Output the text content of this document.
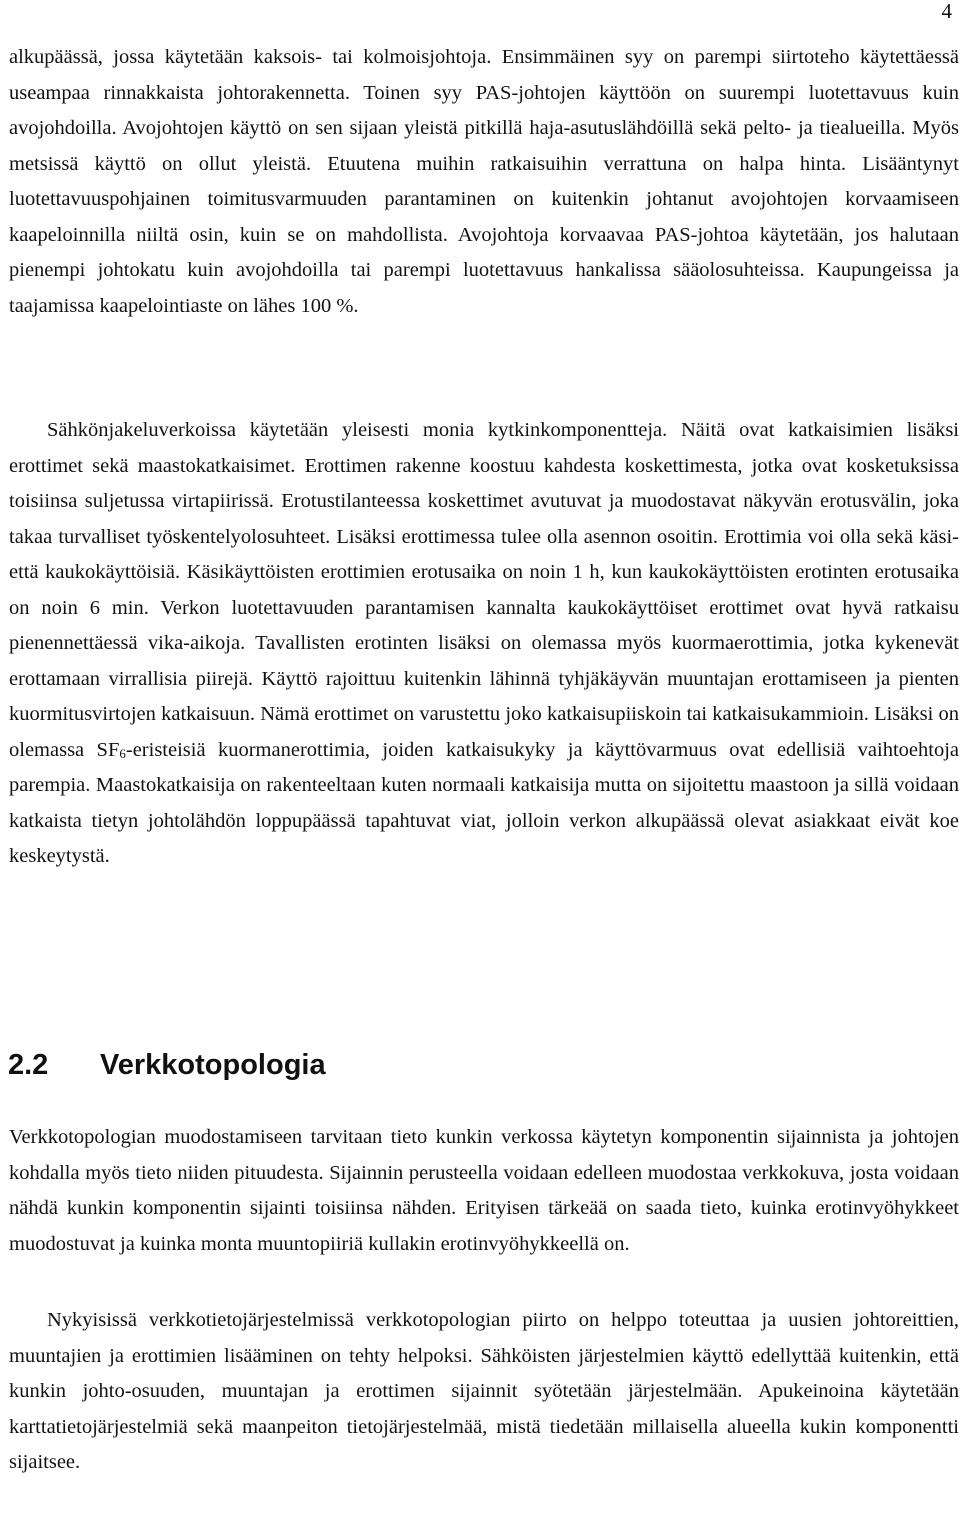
4

alkupäässä, jossa käytetään kaksois- tai kolmoisjohtoja. Ensimmäinen syy on parempi siirtoteho käytettäessä useampaa rinnakkaista johtorakennetta. Toinen syy PAS-johtojen käyttöön on suurempi luotettavuus kuin avojohdoilla. Avojohtojen käyttö on sen sijaan yleistä pitkillä haja-asutuslähdöillä sekä pelto- ja tiealueilla. Myös metsissä käyttö on ollut yleistä. Etuutena muihin ratkaisuihin verrattuna on halpa hinta. Lisääntynyt luotettavuuspohjainen toimitusvarmuuden parantaminen on kuitenkin johtanut avojohtojen korvaamiseen kaapeloinnilla niiltä osin, kuin se on mahdollista. Avojohtoja korvaavaa PAS-johtoa käytetään, jos halutaan pienempi johtokatu kuin avojohdoilla tai parempi luotettavuus hankalissa sääolosuhteissa. Kaupungeissa ja taajamissa kaapelointiaste on lähes 100 %.

Sähkönjakeluverkoissa käytetään yleisesti monia kytkinkomponentteja. Näitä ovat katkaisimien lisäksi erottimet sekä maastokatkaisimet. Erottimen rakenne koostuu kahdesta koskettimesta, jotka ovat kosketuksissa toisiinsa suljetussa virtapiirissä. Erotustilanteessa koskettimet avutuvat ja muodostavat näkyvän erotusvälin, joka takaa turvalliset työskentelyolosuhteet. Lisäksi erottimessa tulee olla asennon osoitin. Erottimia voi olla sekä käsi- että kaukokäyttöisiä. Käsikäyttöisten erottimien erotusaika on noin 1 h, kun kaukokäyttöisten erotinten erotusaika on noin 6 min. Verkon luotettavuuden parantamisen kannalta kaukokäyttöiset erottimet ovat hyvä ratkaisu pienennettäessä vika-aikoja. Tavallisten erotinten lisäksi on olemassa myös kuormaerottimia, jotka kykenevät erottamaan virrallisia piirejä. Käyttö rajoittuu kuitenkin lähinnä tyhjäkäyvän muuntajan erottamiseen ja pienten kuormitusvirtojen katkaisuun. Nämä erottimet on varustettu joko katkaisupiiskoin tai katkaisukammioin. Lisäksi on olemassa $SF_6$-eristeisiä kuormanerottimia, joiden katkaisukyky ja käyttövarmuus ovat edellisiä vaihtoehtoja parempia. Maastokatkaisija on rakenteeltaan kuten normaali katkaisija mutta on sijoitettu maastoon ja sillä voidaan katkaista tietyn johtolähdön loppupäässä tapahtuvat viat, jolloin verkon alkupäässä olevat asiakkaat eivät koe keskeytystä.

2.2 Verkkotopologia

Verkkotopologian muodostamiseen tarvitaan tieto kunkin verkossa käytetyn komponentin sijainnista ja johtojen kohdalla myös tieto niiden pituudesta. Sijainnin perusteella voidaan edelleen muodostaa verkkokuva, josta voidaan nähdä kunkin komponentin sijainti toisiinsa nähden. Erityisen tärkeää on saada tieto, kuinka erotinvyöhykkeet muodostuvat ja kuinka monta muuntopiiriä kullakin erotinvyöhykkeellä on.

Nykyisissä verkkotietojärjestelmissä verkkotopologian piirto on helppo toteuttaa ja uusien johtoreittien, muuntajien ja erottimien lisääminen on tehty helpoksi. Sähköisten järjestelmien käyttö edellyttää kuitenkin, että kunkin johto-osuuden, muuntajan ja erottimen sijainnit syötetään järjestelmään. Apukeinoina käytetään karttatietojärjestelmiä sekä maanpeiton tietojärjestelmää, mistä tiedetään millaisella alueella kukin komponentti sijaitsee.
